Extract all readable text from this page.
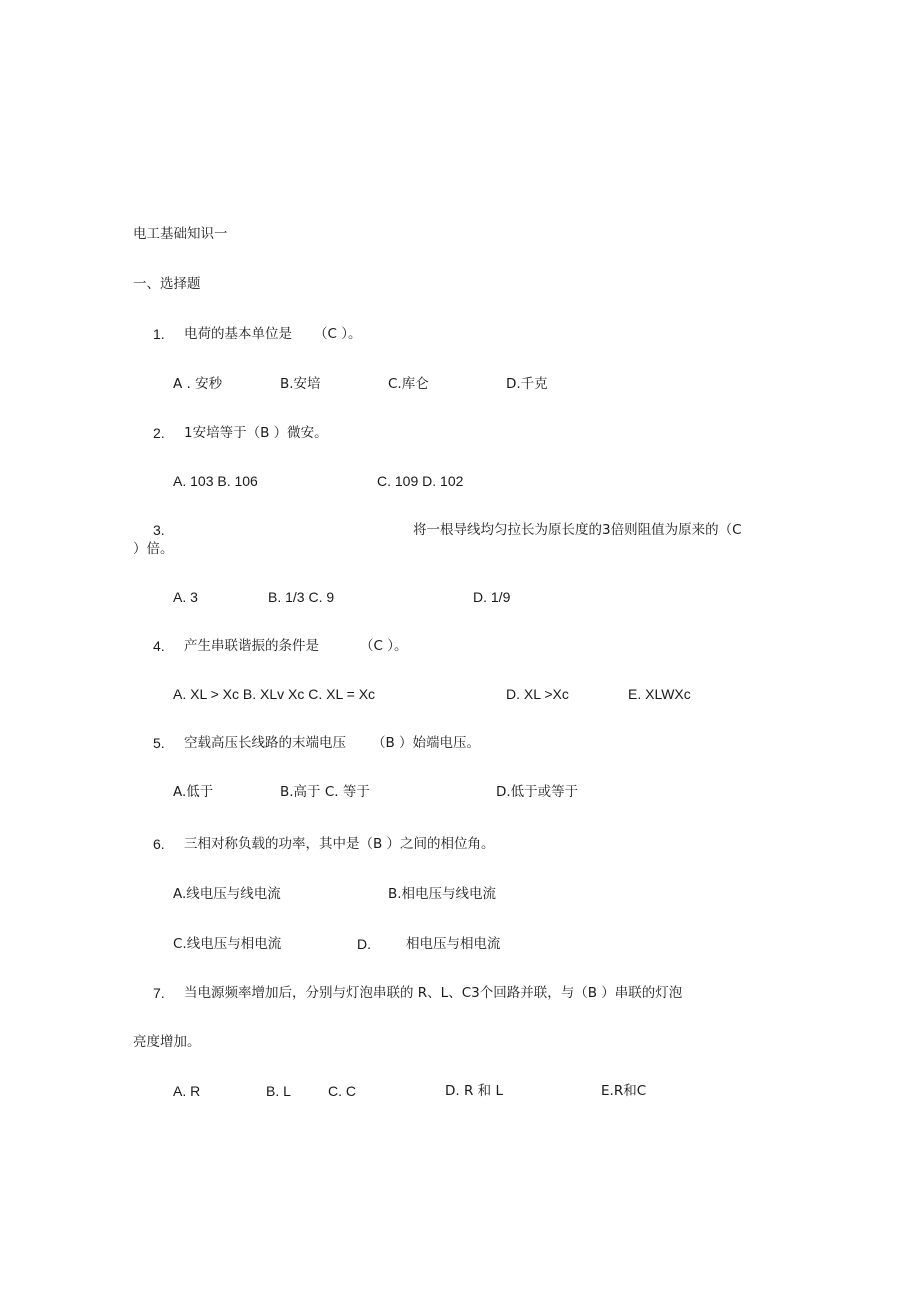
电工基础知识一
一、选择题
1. 电荷的基本单位是 （C ）。
A . 安秒	B.安培	C.库仑	D.千克
2. 1安培等于（B ）微安。
A. 103 B. 106	C. 109 D. 102
3.	将一根导线均匀拉长为原长度的3倍则阻值为原来的（C
）倍。
A. 3	B. 1/3 C. 9	D. 1/9
4. 产生串联谐振的条件是	（C ）。
A. XL > Xc B. XLv Xc C. XL = Xc	D. XL >Xc	E. XLWXc
5. 空载高压长线路的末端电压 （B ）始端电压。
A.低于	B.高于 C. 等于	D.低于或等于
6. 三相对称负载的功率，其中是（B ）之间的相位角。
A.线电压与线电流	B.相电压与线电流
C.线电压与相电流	D.	相电压与相电流
7. 当电源频率增加后，分别与灯泡串联的 R、L、C3个回路并联，与（B ）串联的灯泡
亮度增加。
A. R	B. L	C. C	D. R 和 L	E.R和C
